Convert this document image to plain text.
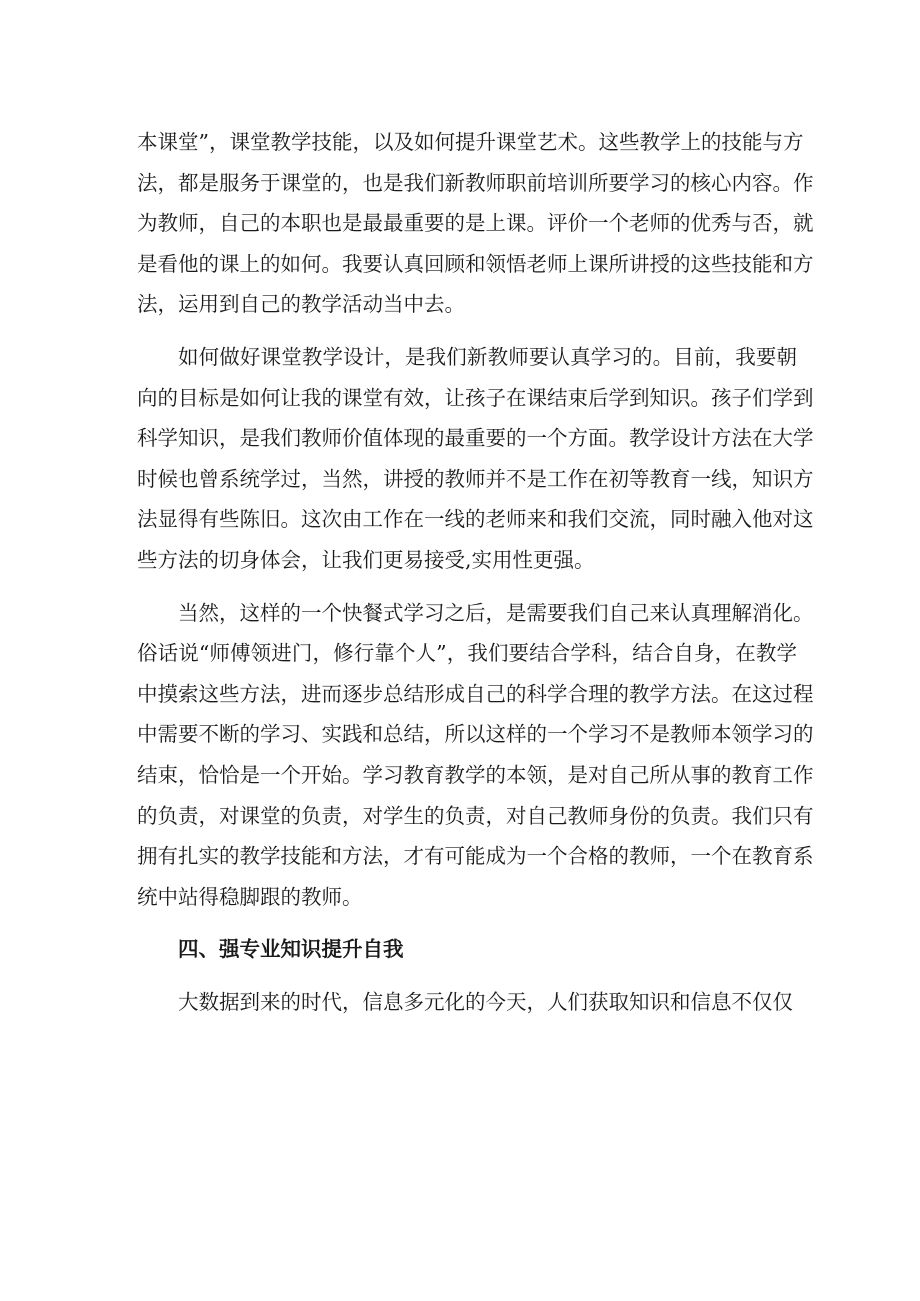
本课堂”，课堂教学技能，以及如何提升课堂艺术。这些教学上的技能与方
法，都是服务于课堂的，也是我们新教师职前培训所要学习的核心内容。作
为教师，自己的本职也是最最重要的是上课。评价一个老师的优秀与否，就
是看他的课上的如何。我要认真回顾和领悟老师上课所讲授的这些技能和方
法，运用到自己的教学活动当中去。
如何做好课堂教学设计，是我们新教师要认真学习的。目前，我要朝
向的目标是如何让我的课堂有效，让孩子在课结束后学到知识。孩子们学到
科学知识，是我们教师价值体现的最重要的一个方面。教学设计方法在大学
时候也曾系统学过，当然，讲授的教师并不是工作在初等教育一线，知识方
法显得有些陈旧。这次由工作在一线的老师来和我们交流，同时融入他对这
些方法的切身体会，让我们更易接受,实用性更强。
当然，这样的一个快餐式学习之后，是需要我们自己来认真理解消化。
俗话说“师傅领进门，修行靠个人”，我们要结合学科，结合自身，在教学
中摸索这些方法，进而逐步总结形成自己的科学合理的教学方法。在这过程
中需要不断的学习、实践和总结，所以这样的一个学习不是教师本领学习的
结束，恰恰是一个开始。学习教育教学的本领，是对自己所从事的教育工作
的负责，对课堂的负责，对学生的负责，对自己教师身份的负责。我们只有
拥有扎实的教学技能和方法，才有可能成为一个合格的教师，一个在教育系
统中站得稳脚跟的教师。
四、强专业知识提升自我
大数据到来的时代，信息多元化的今天，人们获取知识和信息不仅仅
